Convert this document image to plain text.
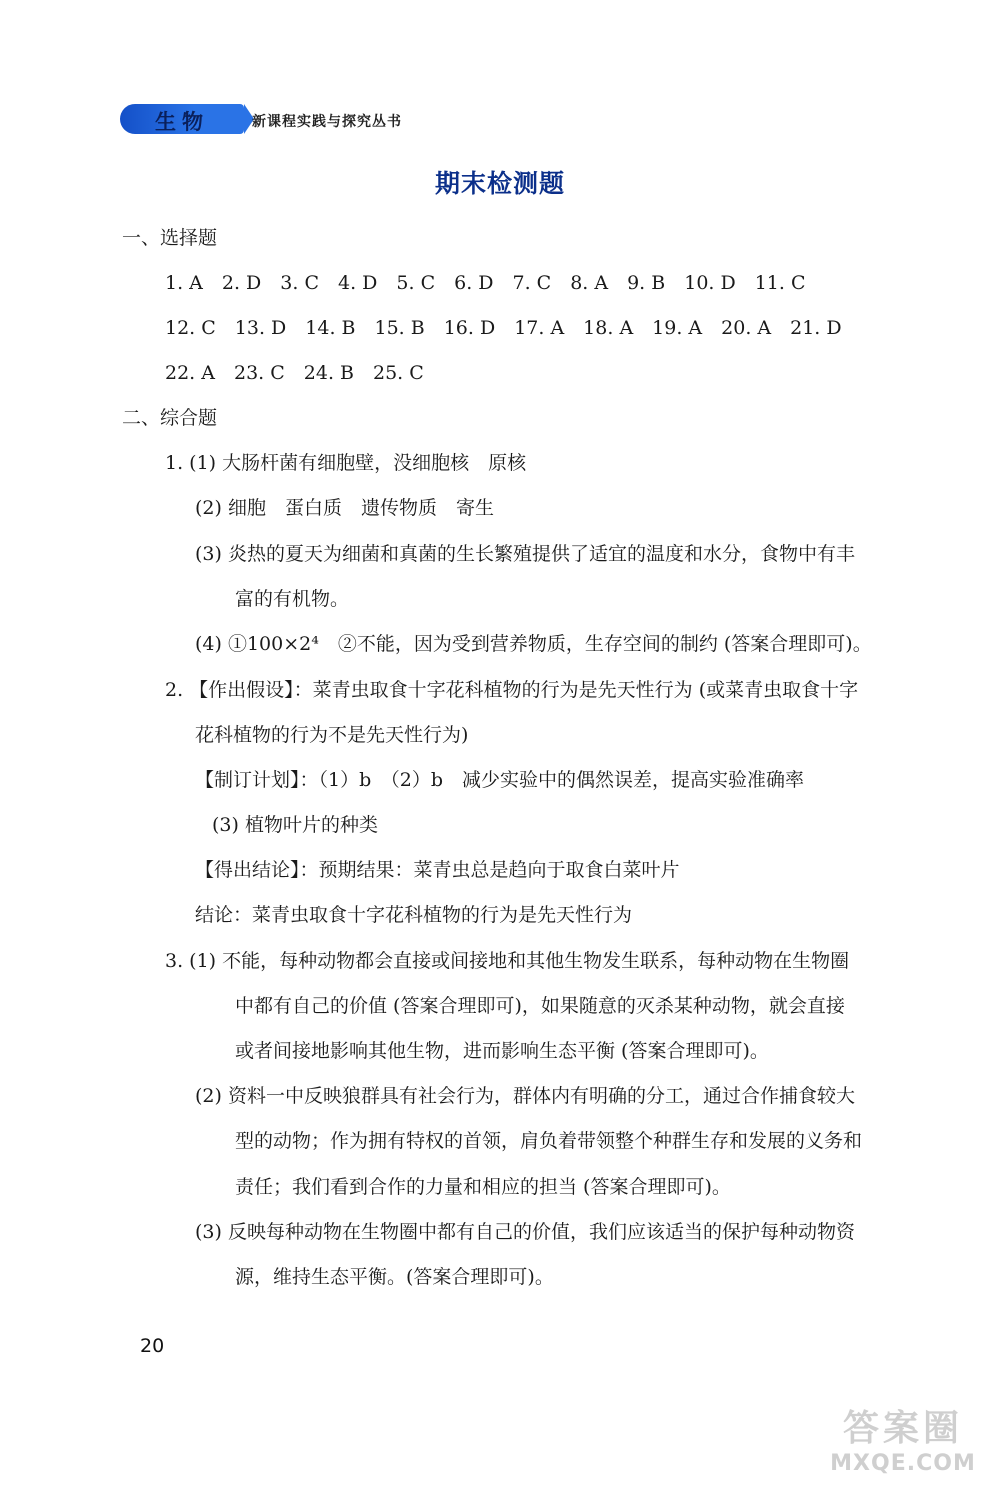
生物	新课程实践与探究丛书
期末检测题
一、选择题
1. A　2. D　3. C　4. D　5. C　6. D　7. C　8. A　9. B　10. D　11. C
12. C　13. D　14. B　15. B　16. D　17. A　18. A　19. A　20. A　21. D
22. A　23. C　24. B　25. C
二、综合题
1. (1) 大肠杆菌有细胞壁，没细胞核　原核
(2) 细胞　蛋白质　遗传物质　寄生
(3) 炎热的夏天为细菌和真菌的生长繁殖提供了适宜的温度和水分，食物中有丰
富的有机物。
(4) ①100×2⁴　②不能，因为受到营养物质，生存空间的制约 (答案合理即可)。
2. 【作出假设】：菜青虫取食十字花科植物的行为是先天性行为 (或菜青虫取食十字
花科植物的行为不是先天性行为)
【制订计划】：（1）b　（2）b　减少实验中的偶然误差，提高实验准确率
(3) 植物叶片的种类
【得出结论】：预期结果：菜青虫总是趋向于取食白菜叶片
结论：菜青虫取食十字花科植物的行为是先天性行为
3. (1) 不能，每种动物都会直接或间接地和其他生物发生联系，每种动物在生物圈
中都有自己的价值 (答案合理即可)，如果随意的灭杀某种动物，就会直接
或者间接地影响其他生物，进而影响生态平衡 (答案合理即可)。
(2) 资料一中反映狼群具有社会行为，群体内有明确的分工，通过合作捕食较大
型的动物；作为拥有特权的首领，肩负着带领整个种群生存和发展的义务和
责任；我们看到合作的力量和相应的担当 (答案合理即可)。
(3) 反映每种动物在生物圈中都有自己的价值，我们应该适当的保护每种动物资
源，维持生态平衡。(答案合理即可)。
20
答案圈
MXQE.COM
